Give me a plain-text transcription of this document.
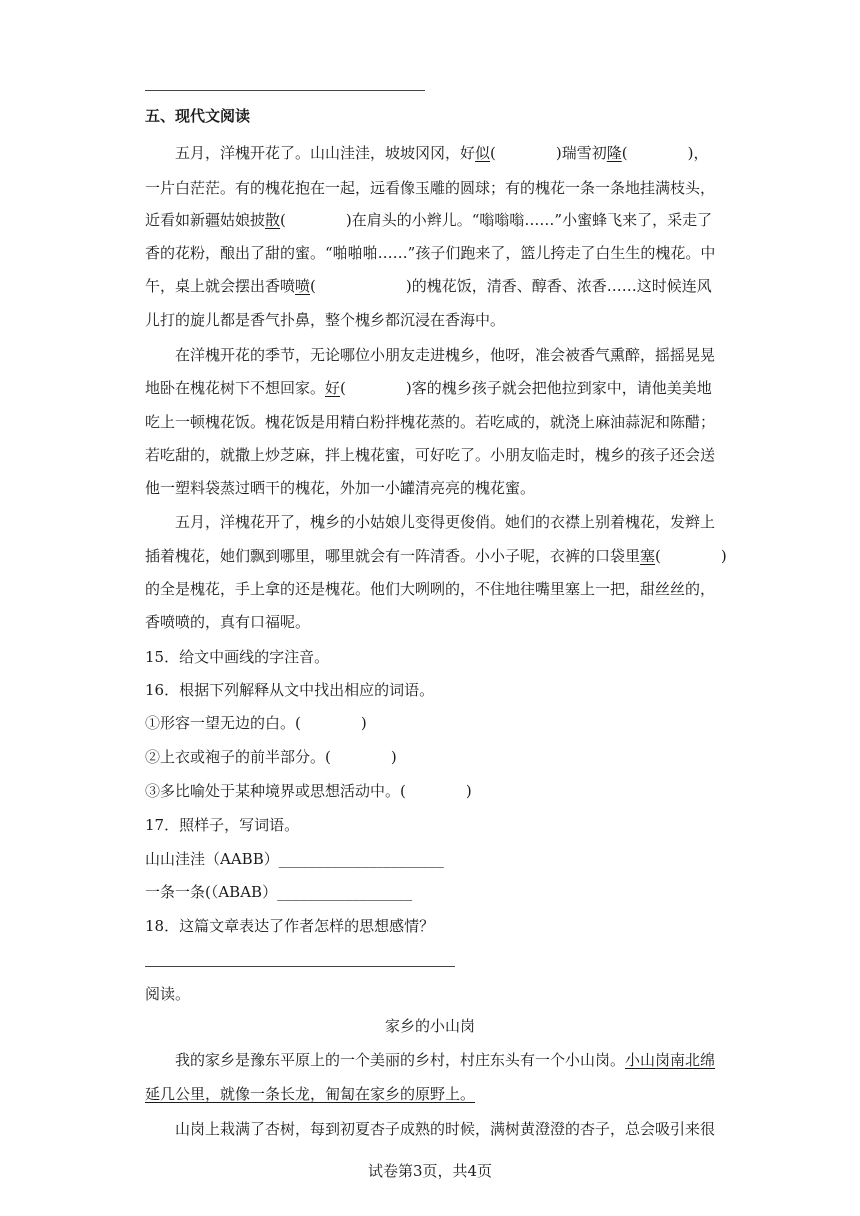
五、现代文阅读
五月，洋槐开花了。山山洼洼，坡坡冈冈，好似(　　　　)瑞雪初隆(　　　　)，
一片白茫茫。有的槐花抱在一起，远看像玉雕的圆球；有的槐花一条一条地挂满枝头，
近看如新疆姑娘披散(　　　　)在肩头的小辫儿。“嗡嗡嗡……”小蜜蜂飞来了，采走了
香的花粉，酿出了甜的蜜。“啪啪啪……”孩子们跑来了，篮儿挎走了白生生的槐花。中
午，桌上就会摆出香喷喷(　　　　　　)的槐花饭，清香、醇香、浓香……这时候连风
儿打的旋儿都是香气扑鼻，整个槐乡都沉浸在香海中。
在洋槐开花的季节，无论哪位小朋友走进槐乡，他呀，准会被香气熏醉，摇摇晃晃
地卧在槐花树下不想回家。好(　　　　)客的槐乡孩子就会把他拉到家中，请他美美地
吃上一顿槐花饭。槐花饭是用精白粉拌槐花蒸的。若吃咸的，就浇上麻油蒜泥和陈醋；
若吃甜的，就撒上炒芝麻，拌上槐花蜜，可好吃了。小朋友临走时，槐乡的孩子还会送
他一塑料袋蒸过晒干的槐花，外加一小罐清亮亮的槐花蜜。
五月，洋槐花开了，槐乡的小姑娘儿变得更俊俏。她们的衣襟上别着槐花，发辫上
插着槐花，她们飘到哪里，哪里就会有一阵清香。小小子呢，衣裤的口袋里塞(　　　　)
的全是槐花，手上拿的还是槐花。他们大咧咧的，不住地往嘴里塞上一把，甜丝丝的，
香喷喷的，真有口福呢。
15．给文中画线的字注音。
16．根据下列解释从文中找出相应的词语。
①形容一望无边的白。(　　　　)
②上衣或袍子的前半部分。(　　　　)
③多比喻处于某种境界或思想活动中。(　　　　)
17．照样子，写词语。
山山洼洼（AABB）______________________
一条一条(（ABAB）__________________
18．这篇文章表达了作者怎样的思想感情？
阅读。
家乡的小山岗
我的家乡是豫东平原上的一个美丽的乡村，村庄东头有一个小山岗。小山岗南北绵
延几公里，就像一条长龙，匍匐在家乡的原野上。
山岗上栽满了杏树，每到初夏杏子成熟的时候，满树黄澄澄的杏子，总会吸引来很
试卷第3页，共4页
